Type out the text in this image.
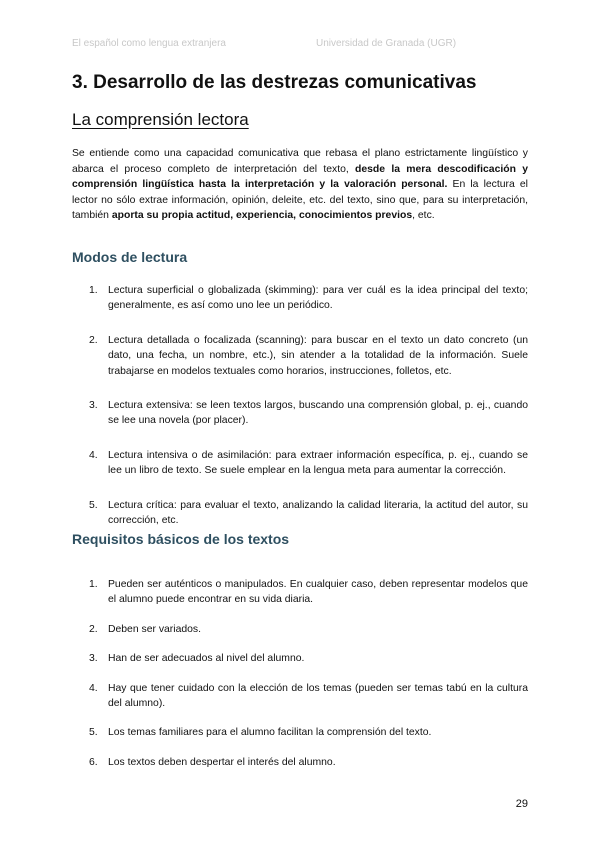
El español como lengua extranjera	Universidad de Granada (UGR)
3. Desarrollo de las destrezas comunicativas
La comprensión lectora

Se entiende como una capacidad comunicativa que rebasa el plano estrictamente lingüístico y abarca el proceso completo de interpretación del texto, desde la mera descodificación y comprensión lingüística hasta la interpretación y la valoración personal. En la lectura el lector no sólo extrae información, opinión, deleite, etc. del texto, sino que, para su interpretación, también aporta su propia actitud, experiencia, conocimientos previos, etc.

Modos de lectura
1. Lectura superficial o globalizada (skimming): para ver cuál es la idea principal del texto; generalmente, es así como uno lee un periódico.
2. Lectura detallada o focalizada (scanning): para buscar en el texto un dato concreto (un dato, una fecha, un nombre, etc.), sin atender a la totalidad de la información. Suele trabajarse en modelos textuales como horarios, instrucciones, folletos, etc.
3. Lectura extensiva: se leen textos largos, buscando una comprensión global, p. ej., cuando se lee una novela (por placer).
4. Lectura intensiva o de asimilación: para extraer información específica, p. ej., cuando se lee un libro de texto. Se suele emplear en la lengua meta para aumentar la corrección.
5. Lectura crítica: para evaluar el texto, analizando la calidad literaria, la actitud del autor, su corrección, etc.
Requisitos básicos de los textos
1. Pueden ser auténticos o manipulados. En cualquier caso, deben representar modelos que el alumno puede encontrar en su vida diaria.
2. Deben ser variados.
3. Han de ser adecuados al nivel del alumno.
4. Hay que tener cuidado con la elección de los temas (pueden ser temas tabú en la cultura del alumno).
5. Los temas familiares para el alumno facilitan la comprensión del texto.
6. Los textos deben despertar el interés del alumno.
29
